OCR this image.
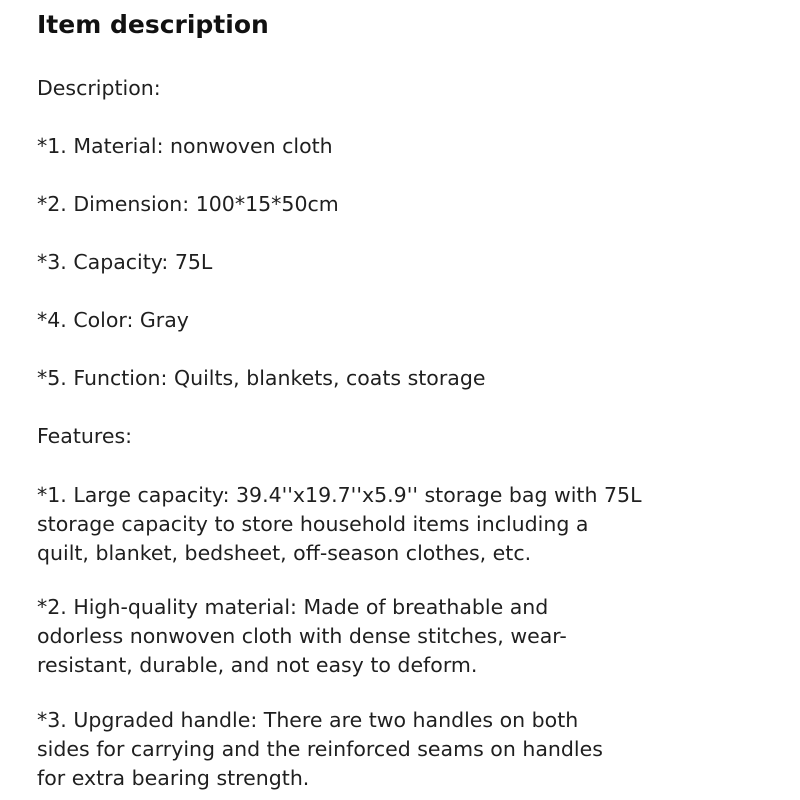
Item description

Description:

*1. Material: nonwoven cloth

*2. Dimension: 100*15*50cm

*3. Capacity: 75L

*4. Color: Gray

*5. Function: Quilts, blankets, coats storage

Features:

*1. Large capacity: 39.4''x19.7''x5.9'' storage bag with 75L
storage capacity to store household items including a
quilt, blanket, bedsheet, off-season clothes, etc.
*2. High-quality material: Made of breathable and
odorless nonwoven cloth with dense stitches, wear-
resistant, durable, and not easy to deform.
*3. Upgraded handle: There are two handles on both
sides for carrying and the reinforced seams on handles
for extra bearing strength.
